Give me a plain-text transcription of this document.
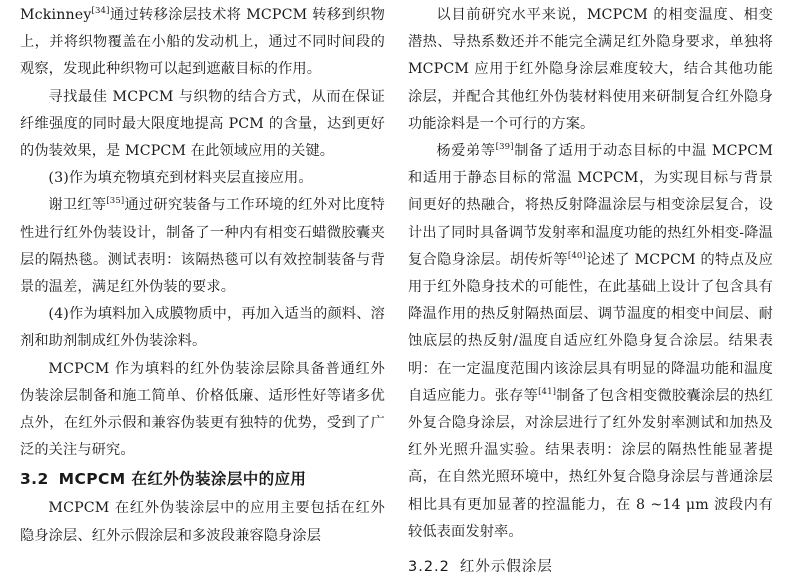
Mckinney[34]通过转移涂层技术将 MCPCM 转移到织物上，并将织物覆盖在小船的发动机上，通过不同时间段的观察，发现此种织物可以起到遮蔽目标的作用。

寻找最佳 MCPCM 与织物的结合方式，从而在保证纤维强度的同时最大限度地提高 PCM 的含量，达到更好的伪装效果，是 MCPCM 在此领域应用的关键。

(3)作为填充物填充到材料夹层直接应用。

谢卫红等[35]通过研究装备与工作环境的红外对比度特性进行红外伪装设计，制备了一种内有相变石蜡微胶囊夹层的隔热毯。测试表明：该隔热毯可以有效控制装备与背景的温差，满足红外伪装的要求。

(4)作为填料加入成膜物质中，再加入适当的颜料、溶剂和助剂制成红外伪装涂料。

MCPCM 作为填料的红外伪装涂层除具备普通红外伪装涂层制备和施工简单、价格低廉、适形性好等诸多优点外，在红外示假和兼容伪装更有独特的优势，受到了广泛的关注与研究。

3.2 MCPCM 在红外伪装涂层中的应用

MCPCM 在红外伪装涂层中的应用主要包括在红外隐身涂层、红外示假涂层和多波段兼容隐身涂层

以目前研究水平来说，MCPCM 的相变温度、相变潜热、导热系数还并不能完全满足红外隐身要求，单独将 MCPCM 应用于红外隐身涂层难度较大，结合其他功能涂层，并配合其他红外伪装材料使用来研制复合红外隐身功能涂料是一个可行的方案。

杨爱弟等[39]制备了适用于动态目标的中温 MCPCM 和适用于静态目标的常温 MCPCM，为实现目标与背景间更好的热融合，将热反射降温涂层与相变涂层复合，设计出了同时具备调节发射率和温度功能的热红外相变-降温复合隐身涂层。胡传炘等[40]论述了 MCPCM 的特点及应用于红外隐身技术的可能性，在此基础上设计了包含具有降温作用的热反射隔热面层、调节温度的相变中间层、耐蚀底层的热反射/温度自适应红外隐身复合涂层。结果表明：在一定温度范围内该涂层具有明显的降温功能和温度自适应能力。张存等[41]制备了包含相变微胶囊涂层的热红外复合隐身涂层，对涂层进行了红外发射率测试和加热及红外光照升温实验。结果表明：涂层的隔热性能显著提高，在自然光照环境中，热红外复合隐身涂层与普通涂层相比具有更加显著的控温能力，在 8 ~14 μm 波段内有较低表面发射率。

3.2.2 红外示假涂层
